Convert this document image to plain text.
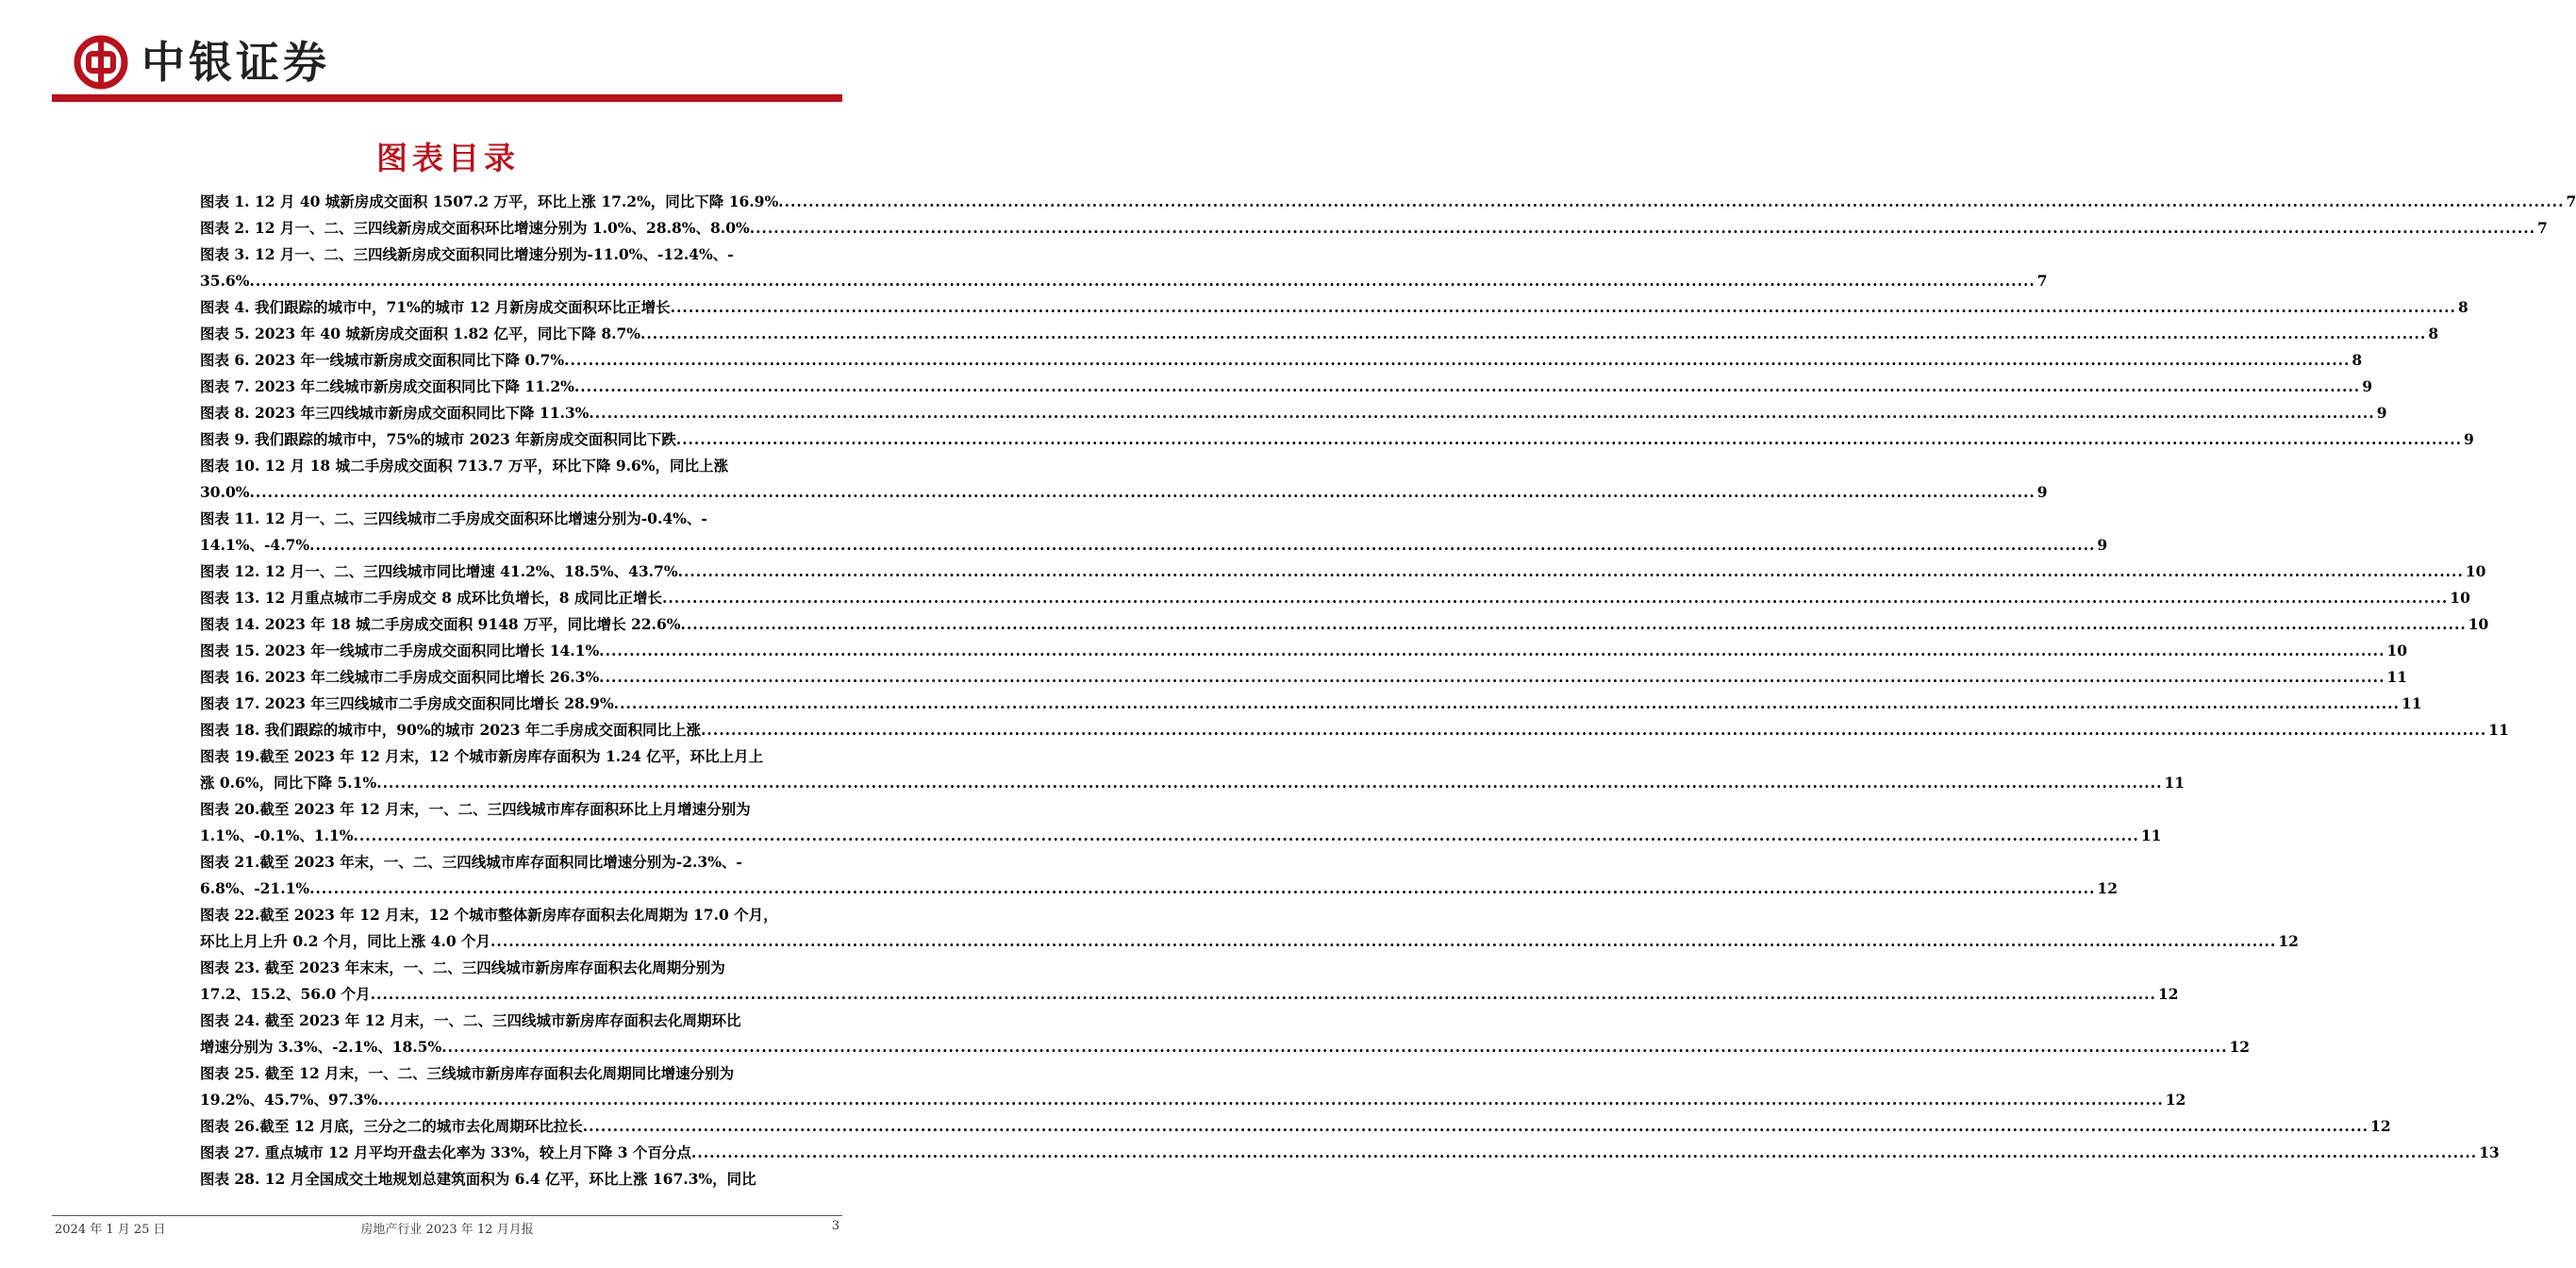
中银证券
图表目录
图表 1. 12 月 40 城新房成交面积 1507.2 万平，环比上涨 17.2%，同比下降 16.9% .....	7
图表 2. 12 月一、二、三四线新房成交面积环比增速分别为 1.0%、28.8%、8.0% .....	7
图表 3. 12 月一、二、三四线新房成交面积同比增速分别为-11.0%、-12.4%、-
35.6% .....	7
图表 4. 我们跟踪的城市中，71%的城市 12 月新房成交面积环比正增长 .....	8
图表 5. 2023 年 40 城新房成交面积 1.82 亿平，同比下降 8.7% .....	8
图表 6. 2023 年一线城市新房成交面积同比下降 0.7% .....	8
图表 7. 2023 年二线城市新房成交面积同比下降 11.2% .....	9
图表 8. 2023 年三四线城市新房成交面积同比下降 11.3% .....	9
图表 9. 我们跟踪的城市中，75%的城市 2023 年新房成交面积同比下跌 .....	9
图表 10. 12 月 18 城二手房成交面积 713.7 万平，环比下降 9.6%，同比上涨
30.0% .....	9
图表 11. 12 月一、二、三四线城市二手房成交面积环比增速分别为-0.4%、-
14.1%、-4.7% .....	9
图表 12. 12 月一、二、三四线城市同比增速 41.2%、18.5%、43.7% .....	10
图表 13. 12 月重点城市二手房成交 8 成环比负增长，8 成同比正增长 .....	10
图表 14. 2023 年 18 城二手房成交面积 9148 万平，同比增长 22.6% .....	10
图表 15. 2023 年一线城市二手房成交面积同比增长 14.1% .....	10
图表 16. 2023 年二线城市二手房成交面积同比增长 26.3% .....	11
图表 17. 2023 年三四线城市二手房成交面积同比增长 28.9% .....	11
图表 18. 我们跟踪的城市中，90%的城市 2023 年二手房成交面积同比上涨 .....	11
图表 19.截至 2023 年 12 月末，12 个城市新房库存面积为 1.24 亿平，环比上月上
涨 0.6%，同比下降 5.1% .....	11
图表 20.截至 2023 年 12 月末，一、二、三四线城市库存面积环比上月增速分别为
1.1%、-0.1%、1.1% .....	11
图表 21.截至 2023 年末，一、二、三四线城市库存面积同比增速分别为-2.3%、-
6.8%、-21.1% .....	12
图表 22.截至 2023 年 12 月末，12 个城市整体新房库存面积去化周期为 17.0 个月，
环比上月上升 0.2 个月，同比上涨 4.0 个月 .....	12
图表 23. 截至 2023 年末末，一、二、三四线城市新房库存面积去化周期分别为
17.2、15.2、56.0 个月 .....	12
图表 24. 截至 2023 年 12 月末，一、二、三四线城市新房库存面积去化周期环比
增速分别为 3.3%、-2.1%、18.5% .....	12
图表 25. 截至 12 月末，一、二、三线城市新房库存面积去化周期同比增速分别为
19.2%、45.7%、97.3% .....	12
图表 26.截至 12 月底，三分之二的城市去化周期环比拉长 .....	12
图表 27. 重点城市 12 月平均开盘去化率为 33%，较上月下降 3 个百分点 .....	13
图表 28. 12 月全国成交土地规划总建筑面积为 6.4 亿平，环比上涨 167.3%，同比
2024 年 1 月 25 日	房地产行业 2023 年 12 月月报	3
